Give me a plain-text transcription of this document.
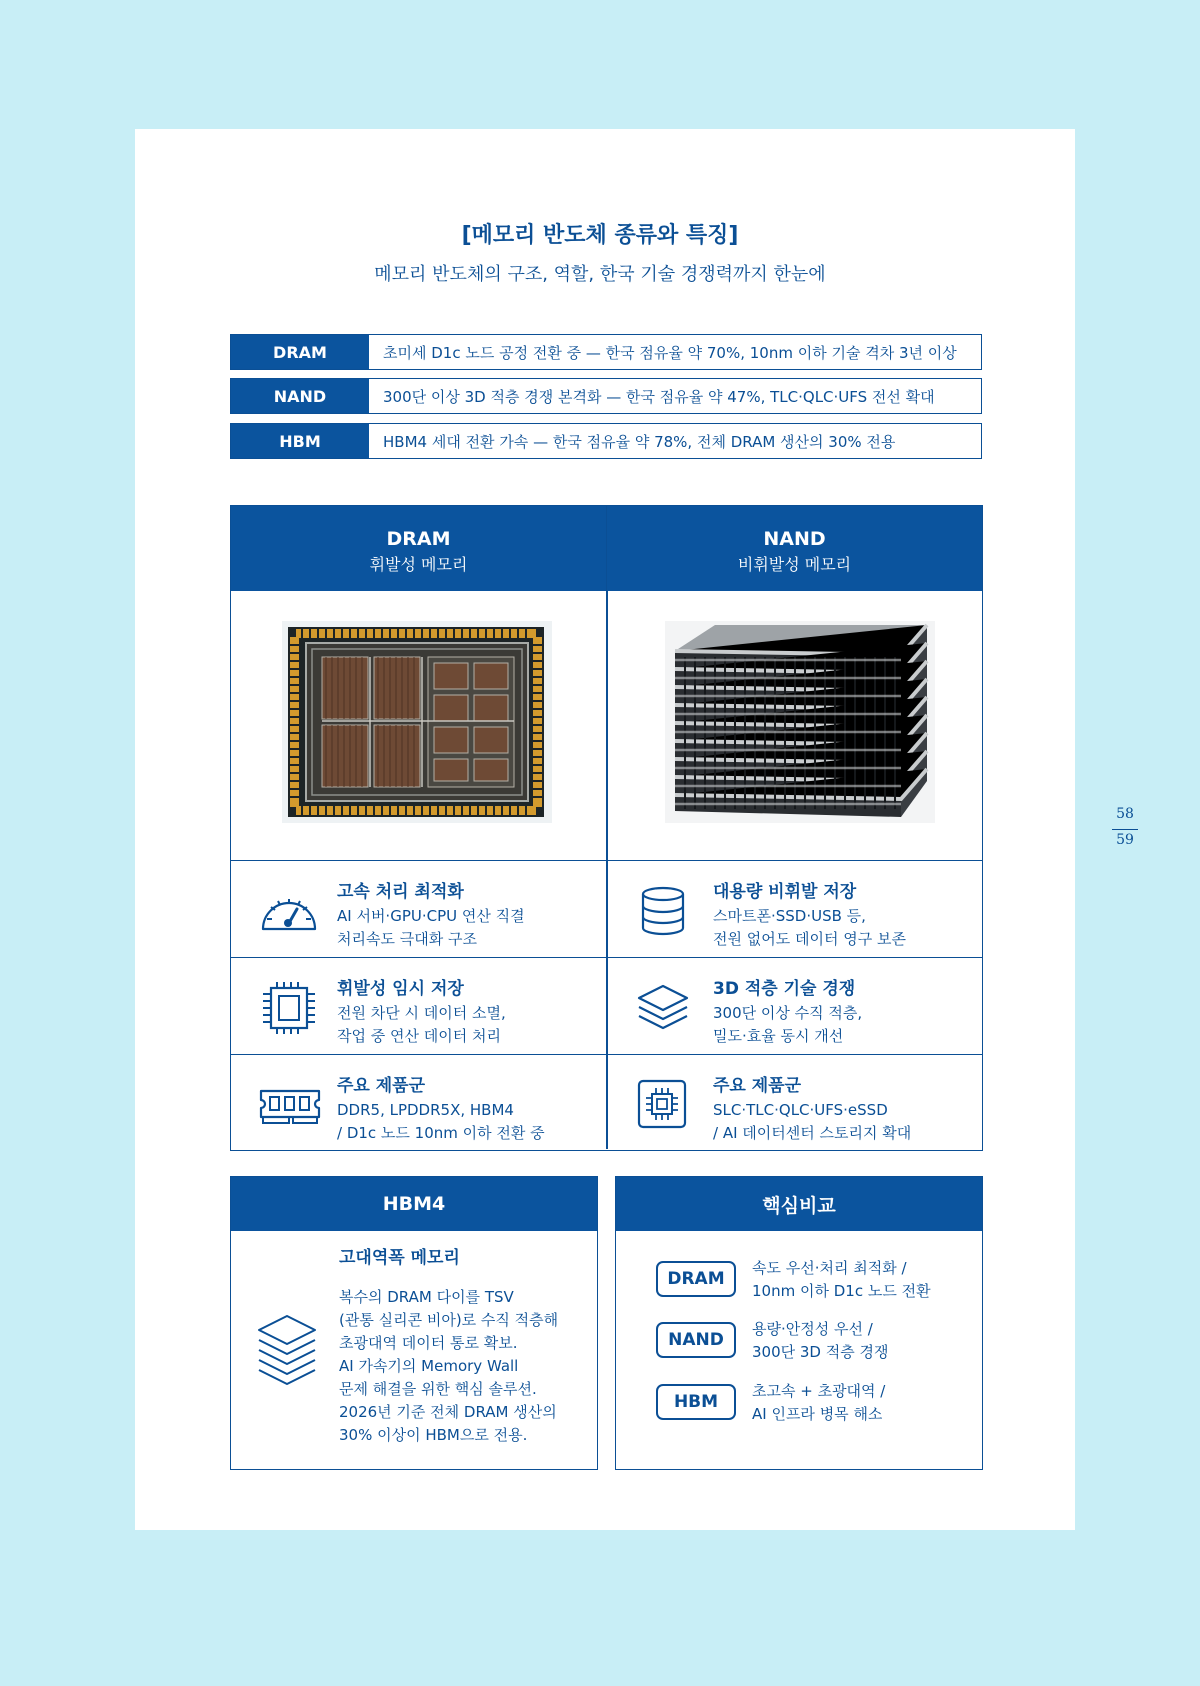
[메모리 반도체 종류와 특징]
메모리 반도체의 구조, 역할, 한국 기술 경쟁력까지 한눈에
DRAM	초미세 D1c 노드 공정 전환 중 — 한국 점유율 약 70%, 10nm 이하 기술 격차 3년 이상
NAND	300단 이상 3D 적층 경쟁 본격화 — 한국 점유율 약 47%, TLC·QLC·UFS 전선 확대
HBM	HBM4 세대 전환 가속 — 한국 점유율 약 78%, 전체 DRAM 생산의 30% 전용
DRAM
휘발성 메모리
고속 처리 최적화
AI 서버·GPU·CPU 연산 직결
처리속도 극대화 구조
휘발성 임시 저장
전원 차단 시 데이터 소멸,
작업 중 연산 데이터 처리
주요 제품군
DDR5, LPDDR5X, HBM4
/ D1c 노드 10nm 이하 전환 중
NAND
비휘발성 메모리
대용량 비휘발 저장
스마트폰·SSD·USB 등,
전원 없어도 데이터 영구 보존
3D 적층 기술 경쟁
300단 이상 수직 적층,
밀도·효율 동시 개선
주요 제품군
SLC·TLC·QLC·UFS·eSSD
/ AI 데이터센터 스토리지 확대
HBM4
고대역폭 메모리
복수의 DRAM 다이를 TSV
(관통 실리콘 비아)로 수직 적층해
초광대역 데이터 통로 확보.
AI 가속기의 Memory Wall
문제 해결을 위한 핵심 솔루션.
2026년 기준 전체 DRAM 생산의
30% 이상이 HBM으로 전용.
핵심비교
DRAM
속도 우선·처리 최적화 /
10nm 이하 D1c 노드 전환
NAND
용량·안정성 우선 /
300단 3D 적층 경쟁
HBM
초고속 + 초광대역 /
AI 인프라 병목 해소
58
59
